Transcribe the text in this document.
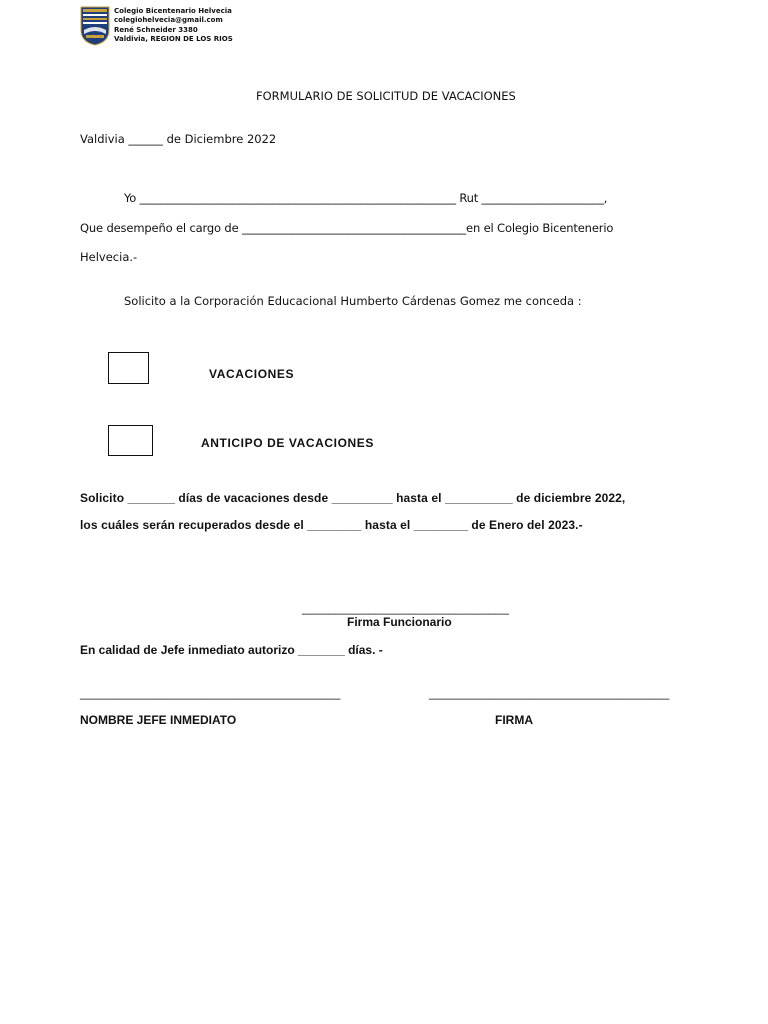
Colegio Bicentenario Helvecia
colegiohelvecia@gmail.com
René Schneider 3380
Valdivia, REGION DE LOS RIOS
FORMULARIO DE SOLICITUD DE VACACIONES
Valdivia ______ de Diciembre 2022
Yo _________________________________________________________ Rut ______________________,
Que desempeño el cargo de ________________________________________en el Colegio Bicentenerio
Helvecia.-
Solicito a la Corporación Educacional Humberto Cárdenas Gomez me conceda :
VACACIONES
ANTICIPO DE VACACIONES
Solicito _______ días de vacaciones desde _________ hasta el __________ de diciembre 2022,
los cuáles serán recuperados desde el ________ hasta el ________ de Enero del 2023.-
_______________________________
Firma Funcionario
En calidad de Jefe inmediato autorizo _______ días. -
_______________________________________	____________________________________
NOMBRE JEFE INMEDIATO	FIRMA
